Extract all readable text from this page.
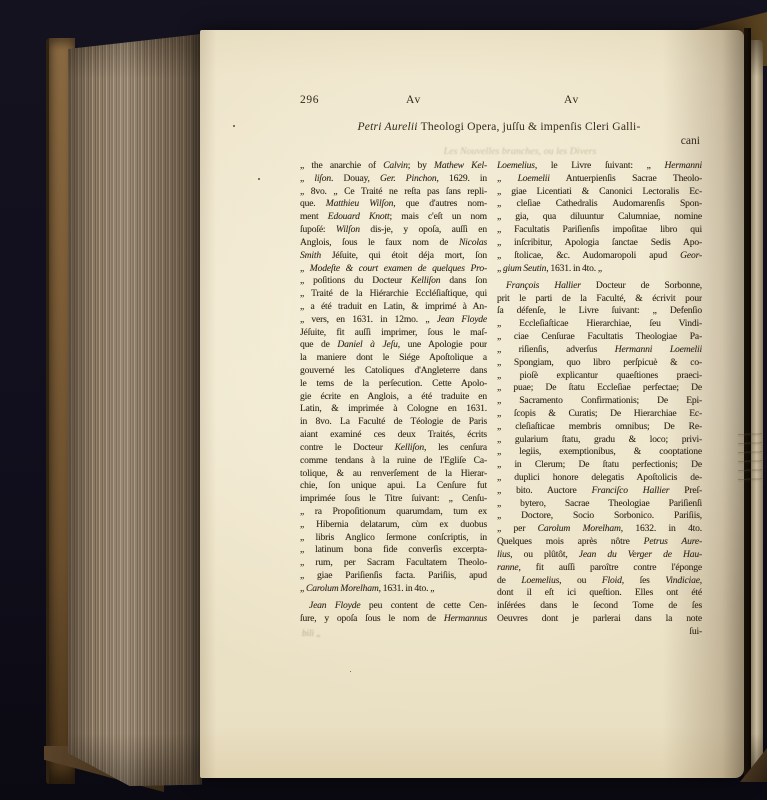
296	Av	Av
Petri Aurelii Theologi Opera, juſſu & impenſis Cleri Galli-
cani
Les Nouvelles branches, ou les Divers
„ the anarchie of Calvin; by Mathew Kel-
„ liſon. Douay, Ger. Pinchon, 1629. in
„ 8vo. „ Ce Traité ne reſta pas ſans repli-
que. Matthieu Wilſon, que d'autres nom-
ment Edouard Knott; mais c'eſt un nom
ſupoſé: Wilſon dis-je, y opoſa, auſſi en
Anglois, ſous le faux nom de Nicolas
Smith Jéſuite, qui étoit déja mort, ſon
„ Modeſte & court examen de quelques Pro-
„ poſitions du Docteur Kelliſon dans ſon
„ Traité de la Hiérarchie Eccléſiaſtique, qui
„ a été traduit en Latin, & imprimé à An-
„ vers, en 1631. in 12mo. „ Jean Floyde
Jéſuite, fit auſſi imprimer, ſous le maſ-
que de Daniel à Jeſu, une Apologie pour
la maniere dont le Siége Apoſtolique a
gouverné les Catoliques d'Angleterre dans
le tems de la perſecution. Cette Apolo-
gie écrite en Anglois, a été traduite en
Latin, & imprimée à Cologne en 1631.
in 8vo. La Faculté de Téologie de Paris
aiant examiné ces deux Traités, écrits
contre le Docteur Kelliſon, les cenſura
comme tendans à la ruine de l'Egliſe Ca-
tolique, & au renverſement de la Hierar-
chie, ſon unique apui. La Cenſure fut
imprimée ſous le Titre ſuivant: „ Cenſu-
„ ra Propoſitionum quarumdam, tum ex
„ Hibernia delatarum, cùm ex duobus
„ libris Anglico ſermone conſcriptis, in
„ latinum bona fide converſis excerpta-
„ rum, per Sacram Facultatem Theolo-
„ giae Pariſienſis facta. Pariſiis, apud
„ Carolum Morelham, 1631. in 4to. „
Jean Floyde peu content de cette Cen-
ſure, y opoſa ſous le nom de Hermannus
Loemelius, le Livre ſuivant: „ Hermanni
„ Loemelii Antuerpienſis Sacrae Theolo-
„ giae Licentiati & Canonici Lectoralis Ec-
„ cleſiae Cathedralis Audomarenſis Spon-
„ gia, qua diluuntur Calumniae, nomine
„ Facultatis Pariſienſis impoſitae libro qui
„ inſcribitur, Apologia ſanctae Sedis Apo-
„ ſtolicae, &c. Audomaropoli apud Geor-
„ gium Seutin, 1631. in 4to. „
François Hallier Docteur de Sorbonne,
prit le parti de la Faculté, & écrivit pour
ſa défenſe, le Livre ſuivant: „ Defenſio
„ Eccleſiaſticae Hierarchiae, ſeu Vindi-
„ ciae Cenſurae Facultatis Theologiae Pa-
„ riſienſis, adverſus Hermanni Loemelii
„ Spongiam, quo libro perſpicuè & co-
„ pioſè explicantur quaeſtiones praeci-
„ puae; De ſtatu Eccleſiae perfectae; De
„ Sacramento Confirmationis; De Epi-
„ ſcopis & Curatis; De Hierarchiae Ec-
„ cleſiaſticae membris omnibus; De Re-
„ gularium ſtatu, gradu & loco; privi-
„ legiis, exemptionibus, & cooptatione
„ in Clerum; De ſtatu perfectionis; De
„ duplici honore delegatis Apoſtolicis de-
„ bito. Auctore Franciſco Hallier Preſ-
„ bytero, Sacrae Theologiae Pariſienſi
„ Doctore, Socio Sorbonico. Pariſiis,
„ per Carolum Morelham, 1632. in 4to.
Quelques mois après nôtre Petrus Aure-
lius, ou plûtôt, Jean du Verger de Hau-
ranne, fit auſſi paroître contre l'éponge
de Loemelius, ou Floid, ſes Vindiciae,
dont il eſt ici queſtion. Elles ont été
inſérées dans le ſecond Tome de ſes
Oeuvres dont je parlerai dans la note
ſui-
bili „
